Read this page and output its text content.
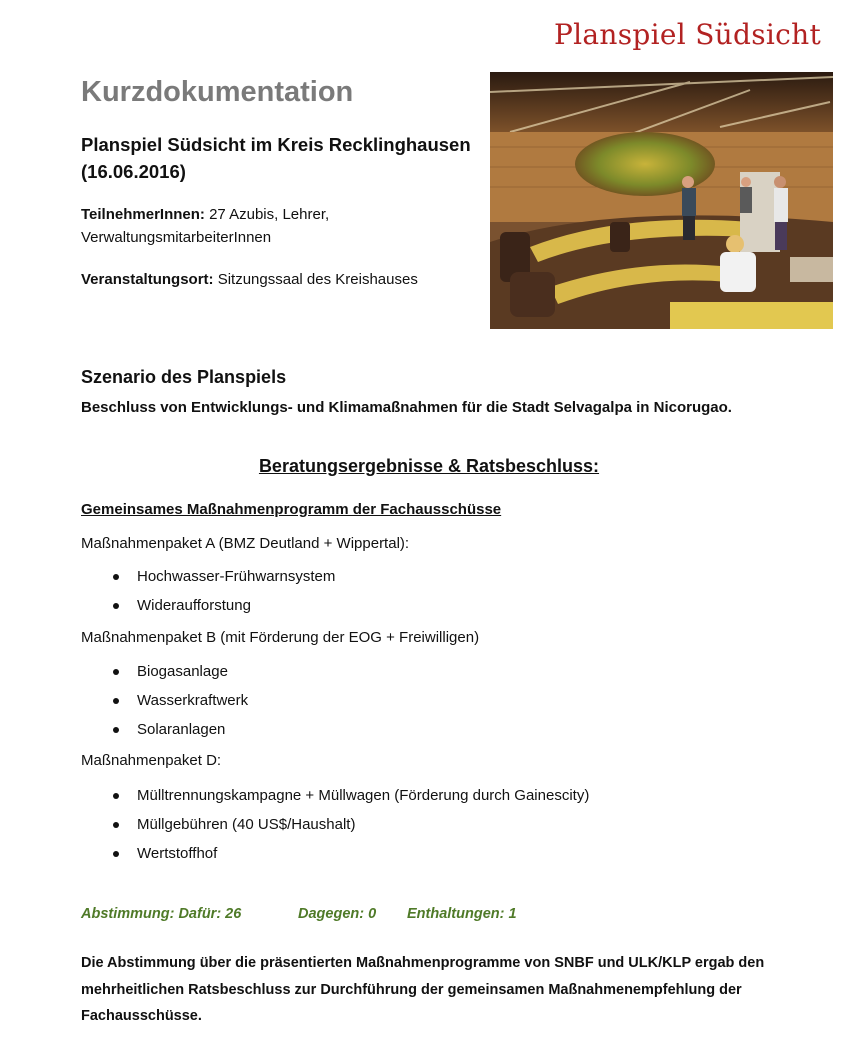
Planspiel Südsicht
Kurzdokumentation
Planspiel Südsicht im Kreis Recklinghausen (16.06.2016)

TeilnehmerInnen: 27 Azubis, Lehrer, VerwaltungsmitarbeiterInnen

Veranstaltungsort: Sitzungssaal des Kreishauses

Szenario des Planspiels

Beschluss von Entwicklungs- und Klimamaßnahmen für die Stadt Selvagalpa in Nicorugao.

Beratungsergebnisse & Ratsbeschluss:

Gemeinsames Maßnahmenprogramm der Fachausschüsse

Maßnahmenpaket A (BMZ Deutland + Wippertal):

Hochwasser-Frühwarnsystem
Wideraufforstung

Maßnahmenpaket B (mit Förderung der EOG + Freiwilligen)

Biogasanlage
Wasserkraftwerk
Solaranlagen

Maßnahmenpaket D:

Mülltrennungskampagne + Müllwagen (Förderung durch Gainescity)
Müllgebühren (40 US$/Haushalt)
Wertstoffhof

Abstimmung: Dafür: 26	Dagegen: 0 Enthaltungen: 1

Die Abstimmung über die präsentierten Maßnahmenprogramme von SNBF und ULK/KLP ergab den mehrheitlichen Ratsbeschluss zur Durchführung der gemeinsamen Maßnahmenempfehlung der Fachausschüsse.
